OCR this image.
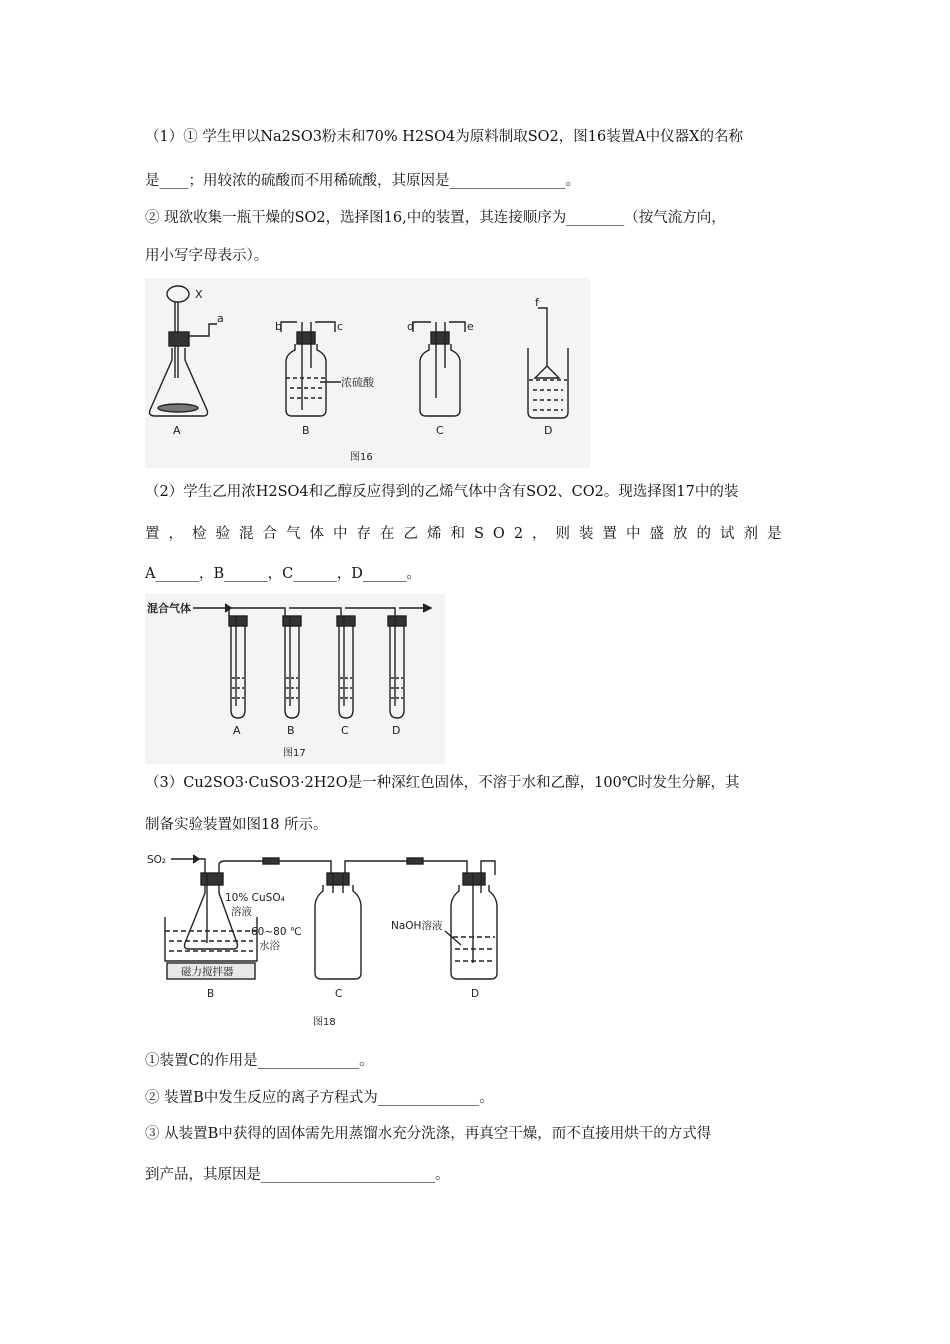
（1）① 学生甲以Na2SO3粉末和70% H2SO4为原料制取SO2，图16装置A中仪器X的名称
是____；用较浓的硫酸而不用稀硫酸，其原因是________________。
② 现欲收集一瓶干燥的SO2，选择图16,中的装置，其连接顺序为________（按气流方向，
用小写字母表示）。
X
a
b	c	d	e
f
浓硫酸
A	B	C	D
图16
（2）学生乙用浓H2SO4和乙醇反应得到的乙烯气体中含有SO2、CO2。现选择图17中的装
置，检验混合气体中存在乙烯和SO2，则装置中盛放的试剂是
A______，B______，C______，D______。
混合气体
A	B	C	D
图17
（3）Cu2SO3·CuSO3·2H2O是一种深红色固体，不溶于水和乙醇，100℃时发生分解，其
制备实验装置如图18 所示。
SO₂
10% CuSO₄
溶液
60~80 ℃
水浴
磁力搅拌器
NaOH溶液
B	C	D
图18
①装置C的作用是______________。
② 装置B中发生反应的离子方程式为______________。
③ 从装置B中获得的固体需先用蒸馏水充分洗涤，再真空干燥，而不直接用烘干的方式得
到产品，其原因是________________________。
